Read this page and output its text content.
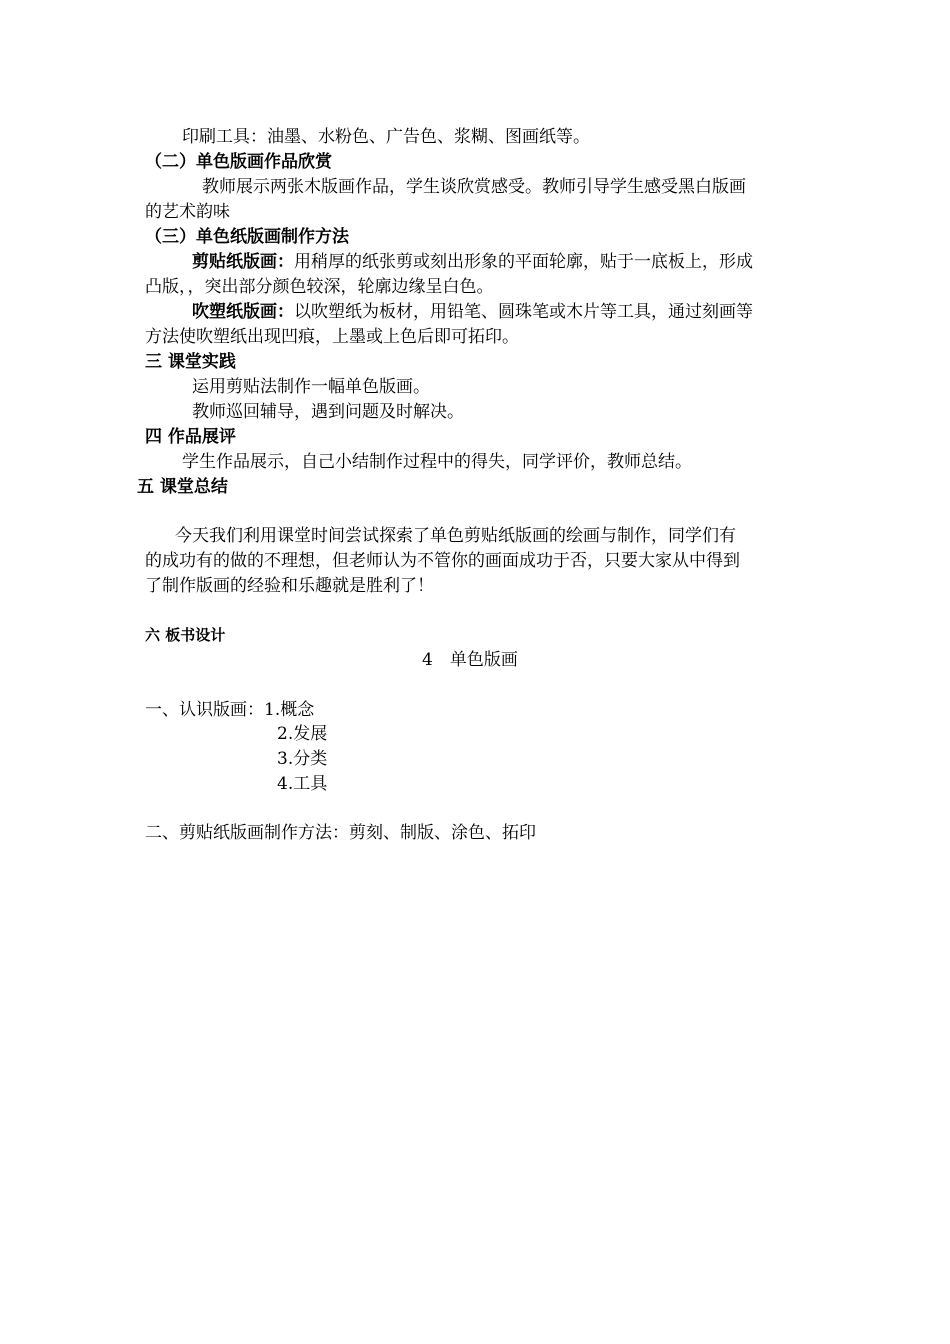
印刷工具：油墨、水粉色、广告色、浆糊、图画纸等。
（二）单色版画作品欣赏
教师展示两张木版画作品，学生谈欣赏感受。教师引导学生感受黑白版画
的艺术韵味
（三）单色纸版画制作方法
剪贴纸版画：用稍厚的纸张剪或刻出形象的平面轮廓，贴于一底板上，形成
凸版，，突出部分颜色较深，轮廓边缘呈白色。
吹塑纸版画：以吹塑纸为板材，用铅笔、圆珠笔或木片等工具，通过刻画等
方法使吹塑纸出现凹痕，上墨或上色后即可拓印。
三 课堂实践
运用剪贴法制作一幅单色版画。
教师巡回辅导，遇到问题及时解决。
四 作品展评
学生作品展示，自己小结制作过程中的得失，同学评价，教师总结。
五 课堂总结
今天我们利用课堂时间尝试探索了单色剪贴纸版画的绘画与制作，同学们有
的成功有的做的不理想，但老师认为不管你的画面成功于否，只要大家从中得到
了制作版画的经验和乐趣就是胜利了！
六 板书设计
4　单色版画
一、认识版画：1.概念
2.发展
3.分类
4.工具
二、剪贴纸版画制作方法：剪刻、制版、涂色、拓印
